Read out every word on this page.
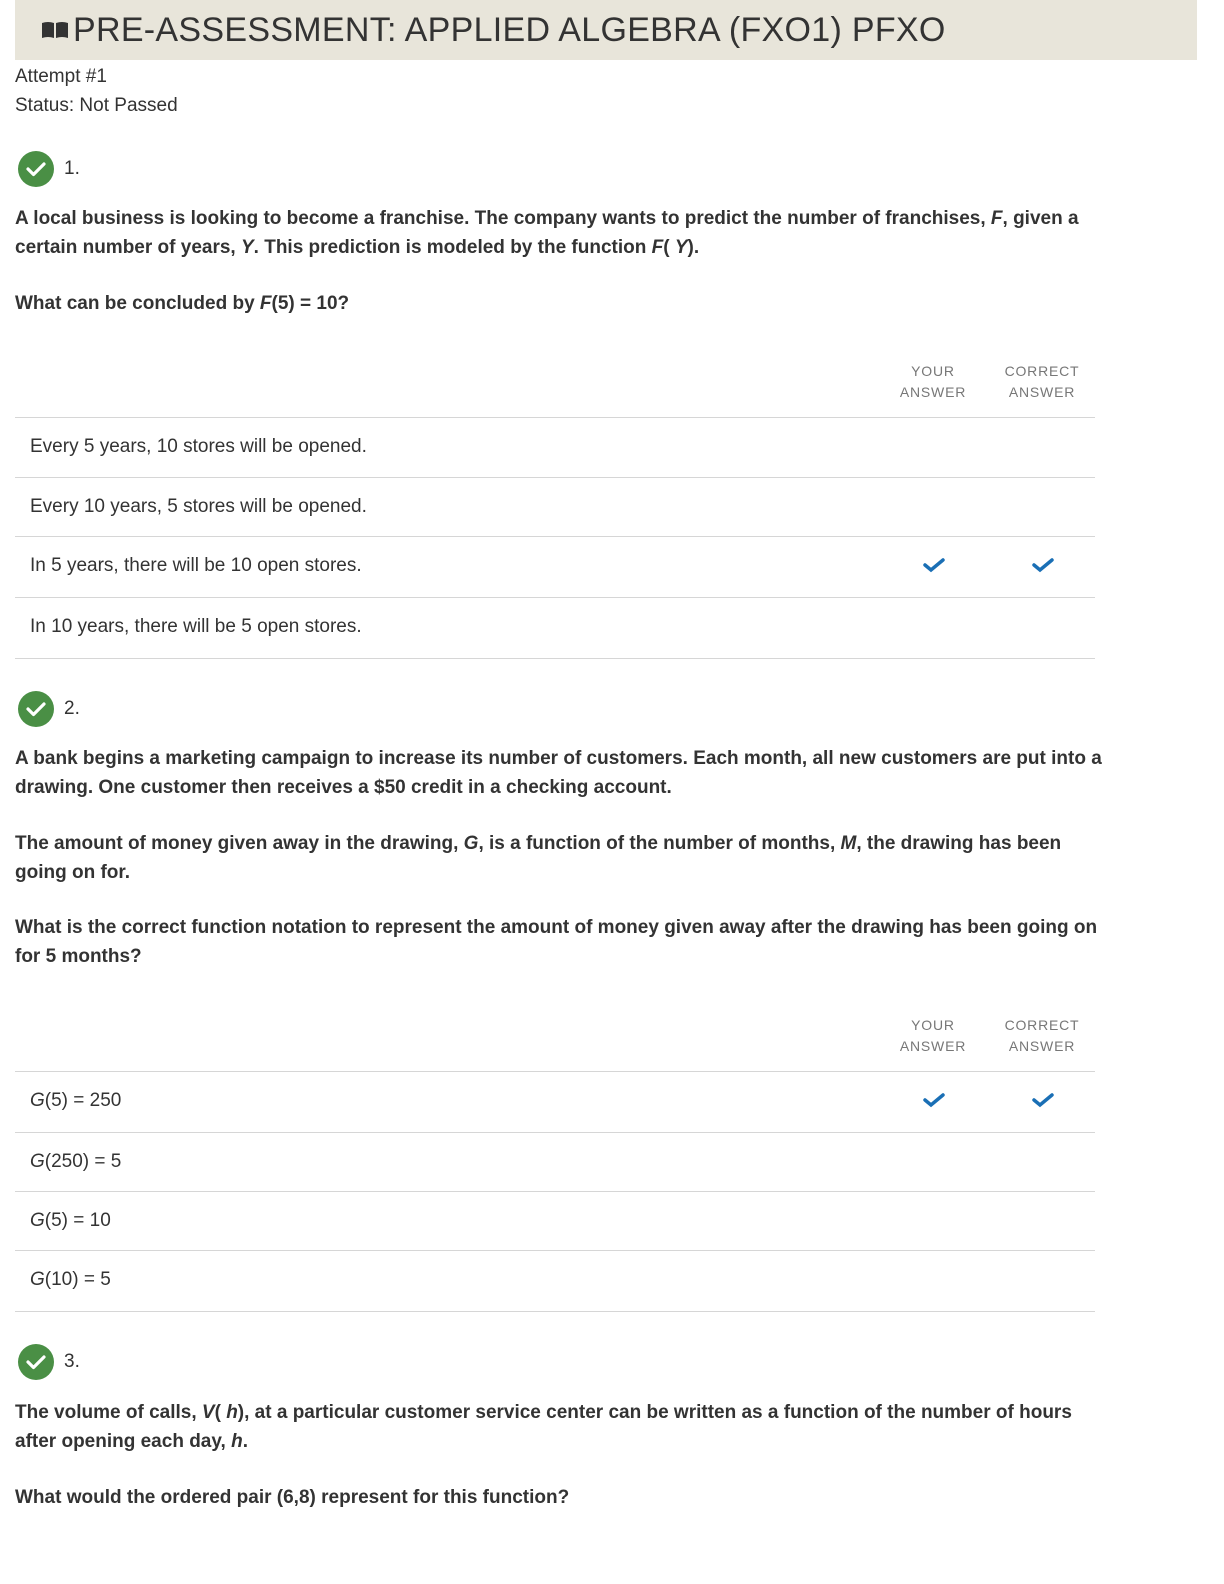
PRE-ASSESSMENT: APPLIED ALGEBRA (FXO1) PFXO
Attempt #1
Status: Not Passed
1.
A local business is looking to become a franchise. The company wants to predict the number of franchises, F, given a certain number of years, Y. This prediction is modeled by the function F( Y).
What can be concluded by F(5) = 10?
YOUR
ANSWER
CORRECT
ANSWER
Every 5 years, 10 stores will be opened.
Every 10 years, 5 stores will be opened.
In 5 years, there will be 10 open stores.
In 10 years, there will be 5 open stores.
2.
A bank begins a marketing campaign to increase its number of customers. Each month, all new customers are put into a drawing. One customer then receives a $50 credit in a checking account.
The amount of money given away in the drawing, G, is a function of the number of months, M, the drawing has been going on for.
What is the correct function notation to represent the amount of money given away after the drawing has been going on for 5 months?
YOUR
ANSWER
CORRECT
ANSWER
G(5) = 250
G(250) = 5
G(5) = 10
G(10) = 5
3.
The volume of calls, V( h), at a particular customer service center can be written as a function of the number of hours after opening each day, h.
What would the ordered pair (6,8) represent for this function?
